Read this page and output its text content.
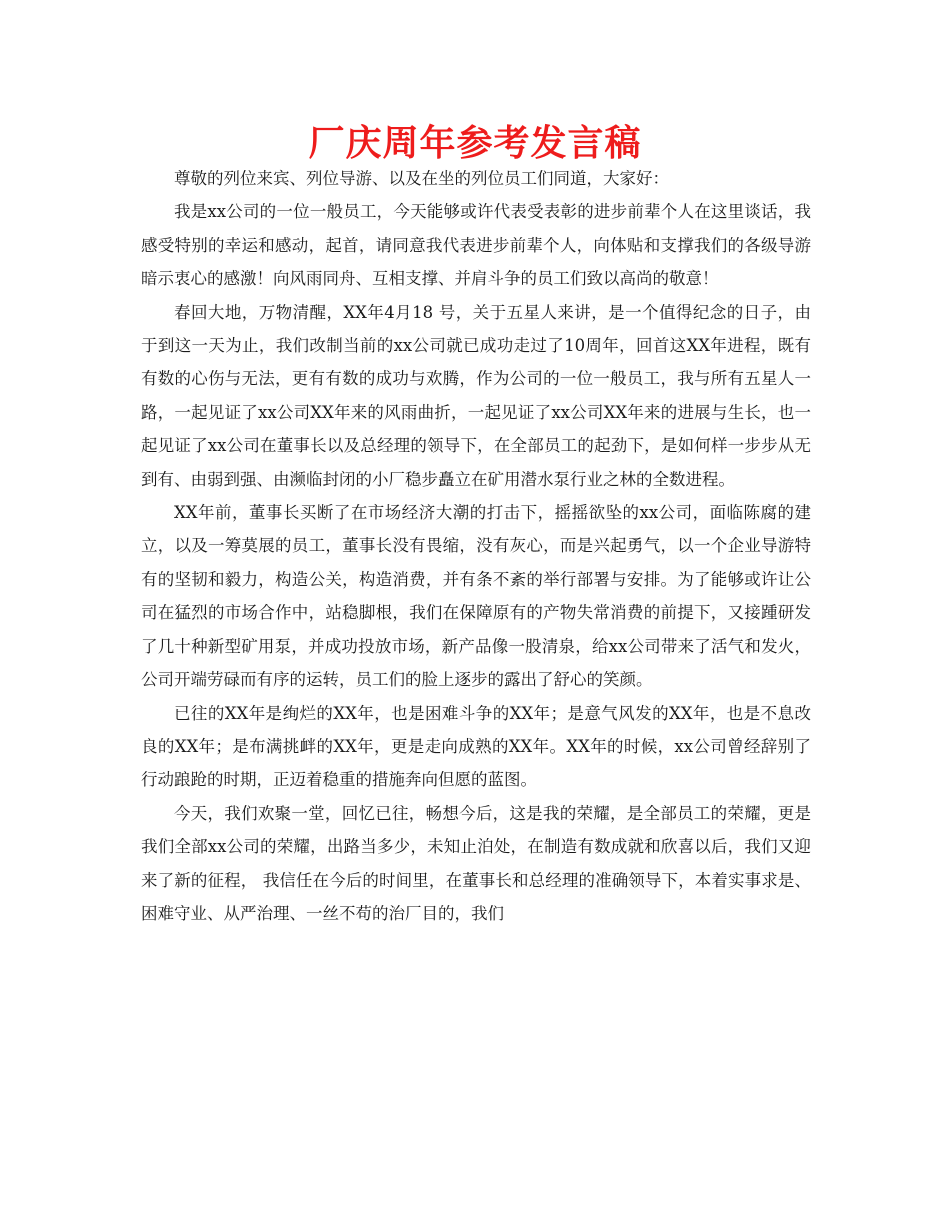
厂庆周年参考发言稿

尊敬的列位来宾、列位导游、以及在坐的列位员工们同道，大家好：

我是xx公司的一位一般员工，今天能够或许代表受表彰的进步前辈个人在这里谈话，我感受特别的幸运和感动，起首，请同意我代表进步前辈个人，向体贴和支撑我们的各级导游暗示衷心的感激！向风雨同舟、互相支撑、并肩斗争的员工们致以高尚的敬意！

春回大地，万物清醒，XX年4月18 号，关于五星人来讲，是一个值得纪念的日子，由于到这一天为止，我们改制当前的xx公司就已成功走过了10周年，回首这XX年进程，既有有数的心伤与无法，更有有数的成功与欢腾，作为公司的一位一般员工，我与所有五星人一路，一起见证了xx公司XX年来的风雨曲折，一起见证了xx公司XX年来的进展与生长，也一起见证了xx公司在董事长以及总经理的领导下，在全部员工的起劲下，是如何样一步步从无到有、由弱到强、由濒临封闭的小厂稳步矗立在矿用潜水泵行业之林的全数进程。

XX年前，董事长买断了在市场经济大潮的打击下，摇摇欲坠的xx公司，面临陈腐的建立，以及一筹莫展的员工，董事长没有畏缩，没有灰心，而是兴起勇气，以一个企业导游特有的坚韧和毅力，构造公关，构造消费，并有条不紊的举行部署与安排。为了能够或许让公司在猛烈的市场合作中，站稳脚根，我们在保障原有的产物失常消费的前提下，又接踵研发了几十种新型矿用泵，并成功投放市场，新产品像一股清泉，给xx公司带来了活气和发火，公司开端劳碌而有序的运转，员工们的脸上逐步的露出了舒心的笑颜。

已往的XX年是绚烂的XX年，也是困难斗争的XX年；是意气风发的XX年，也是不息改良的XX年；是布满挑衅的XX年，更是走向成熟的XX年。XX年的时候，xx公司曾经辞别了行动踉跄的时期，正迈着稳重的措施奔向但愿的蓝图。

今天，我们欢聚一堂，回忆已往，畅想今后，这是我的荣耀，是全部员工的荣耀，更是我们全部xx公司的荣耀，出路当多少，未知止泊处，在制造有数成就和欣喜以后，我们又迎来了新的征程， 我信任在今后的时间里，在董事长和总经理的准确领导下，本着实事求是、困难守业、从严治理、一丝不苟的治厂目的，我们
